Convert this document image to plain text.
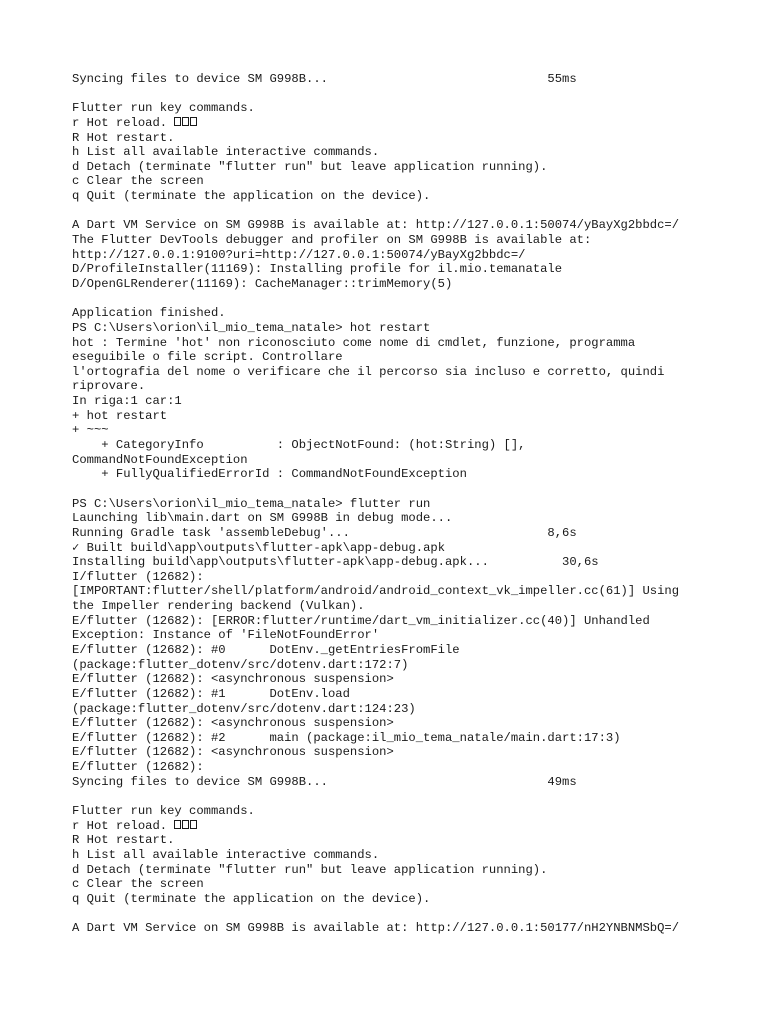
Syncing files to device SM G998B...                              55ms
Flutter run key commands.
r Hot reload.
R Hot restart.
h List all available interactive commands.
d Detach (terminate "flutter run" but leave application running).
c Clear the screen
q Quit (terminate the application on the device).
A Dart VM Service on SM G998B is available at: http://127.0.0.1:50074/yBayXg2bbdc=/
The Flutter DevTools debugger and profiler on SM G998B is available at:
http://127.0.0.1:9100?uri=http://127.0.0.1:50074/yBayXg2bbdc=/
D/ProfileInstaller(11169): Installing profile for il.mio.temanatale
D/OpenGLRenderer(11169): CacheManager::trimMemory(5)
Application finished.
PS C:\Users\orion\il_mio_tema_natale> hot restart
hot : Termine 'hot' non riconosciuto come nome di cmdlet, funzione, programma
eseguibile o file script. Controllare
l'ortografia del nome o verificare che il percorso sia incluso e corretto, quindi
riprovare.
In riga:1 car:1
+ hot restart
+ ~~~
+ CategoryInfo          : ObjectNotFound: (hot:String) [],
CommandNotFoundException
+ FullyQualifiedErrorId : CommandNotFoundException
PS C:\Users\orion\il_mio_tema_natale> flutter run
Launching lib\main.dart on SM G998B in debug mode...
Running Gradle task 'assembleDebug'...                           8,6s
✓ Built build\app\outputs\flutter-apk\app-debug.apk
Installing build\app\outputs\flutter-apk\app-debug.apk...          30,6s
I/flutter (12682):
[IMPORTANT:flutter/shell/platform/android/android_context_vk_impeller.cc(61)] Using
the Impeller rendering backend (Vulkan).
E/flutter (12682): [ERROR:flutter/runtime/dart_vm_initializer.cc(40)] Unhandled
Exception: Instance of 'FileNotFoundError'
E/flutter (12682): #0      DotEnv._getEntriesFromFile
(package:flutter_dotenv/src/dotenv.dart:172:7)
E/flutter (12682): <asynchronous suspension>
E/flutter (12682): #1      DotEnv.load
(package:flutter_dotenv/src/dotenv.dart:124:23)
E/flutter (12682): <asynchronous suspension>
E/flutter (12682): #2      main (package:il_mio_tema_natale/main.dart:17:3)
E/flutter (12682): <asynchronous suspension>
E/flutter (12682):
Syncing files to device SM G998B...                              49ms
Flutter run key commands.
r Hot reload.
R Hot restart.
h List all available interactive commands.
d Detach (terminate "flutter run" but leave application running).
c Clear the screen
q Quit (terminate the application on the device).
A Dart VM Service on SM G998B is available at: http://127.0.0.1:50177/nH2YNBNMSbQ=/
